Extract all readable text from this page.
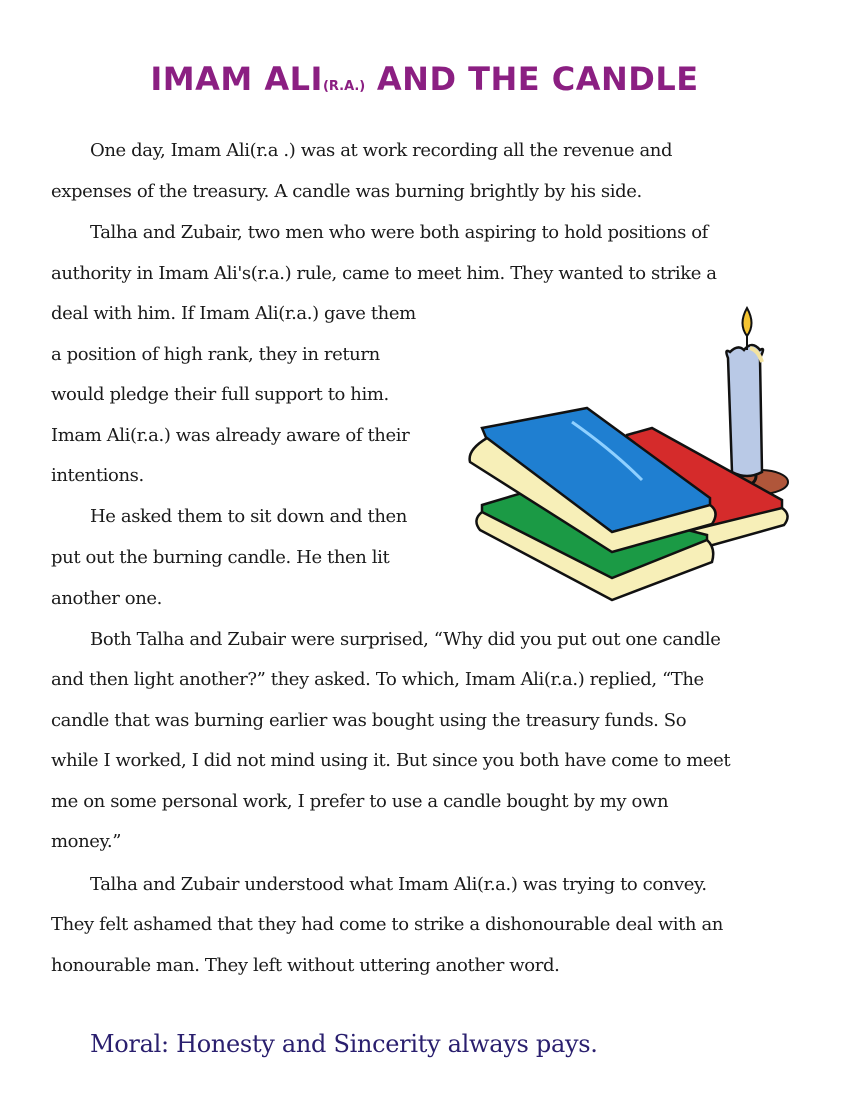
IMAM ALI(R.A.) AND THE CANDLE
One day, Imam Ali(r.a .) was at work recording all the revenue and
expenses of the treasury. A candle was burning brightly by his side.
Talha and Zubair, two men who were both aspiring to hold positions of
authority in Imam Ali's(r.a.) rule, came to meet him. They wanted to strike a
deal with him. If Imam Ali(r.a.) gave them
a position of high rank, they in return
would pledge their full support to him.
Imam Ali(r.a.) was already aware of their
intentions.
He asked them to sit down and then
put out the burning candle. He then lit
another one.
Both Talha and Zubair were surprised, “Why did you put out one candle
and then light another?” they asked. To which, Imam Ali(r.a.) replied, “The
candle that was burning earlier was bought using the treasury funds. So
while I worked, I did not mind using it. But since you both have come to meet
me on some personal work, I prefer to use a candle bought by my own
money.”
Talha and Zubair understood what Imam Ali(r.a.) was trying to convey.
They felt ashamed that they had come to strike a dishonourable deal with an
honourable man. They left without uttering another word.
Moral: Honesty and Sincerity always pays.
